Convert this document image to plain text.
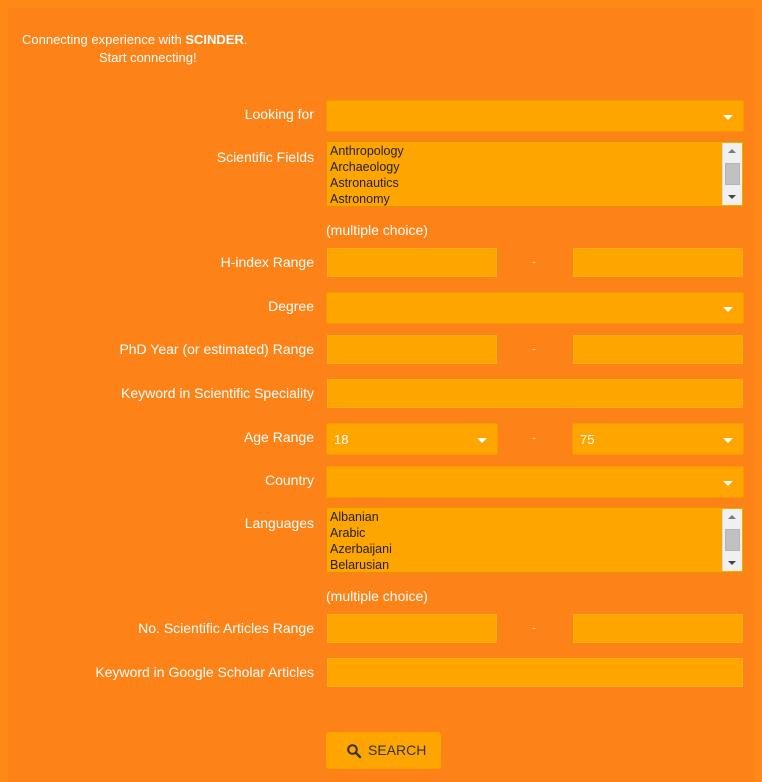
Connecting experience with SCINDER.
Start connecting!
Looking for
Scientific Fields Anthropology
Archaeology
Astronautics
Astronomy
(multiple choice)
H-index Range	-
Degree
PhD Year (or estimated) Range	-
Keyword in Scientific Speciality
Age Range 18	-	75
Country
Languages Albanian
Arabic
Azerbaijani
Belarusian
(multiple choice)
No. Scientific Articles Range	-
Keyword in Google Scholar Articles
SEARCH
